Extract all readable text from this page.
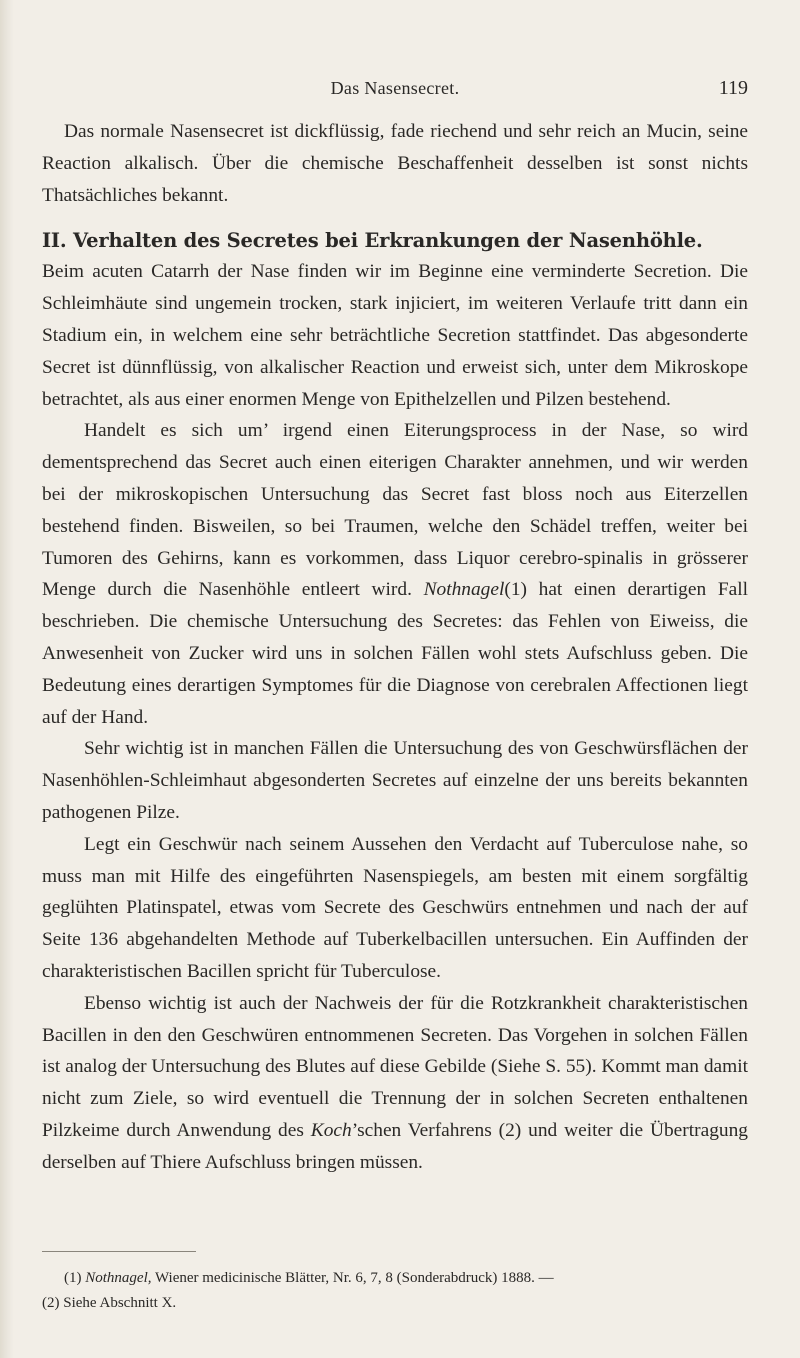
Das Nasensecret.	119

Das normale Nasensecret ist dickflüssig, fade riechend und sehr reich an Mucin, seine Reaction alkalisch. Über die chemische Beschaffenheit desselben ist sonst nichts Thatsächliches bekannt.

II. Verhalten des Secretes bei Erkrankungen der Nasenhöhle.

Beim acuten Catarrh der Nase finden wir im Beginne eine verminderte Secretion. Die Schleimhäute sind ungemein trocken, stark injiciert, im weiteren Verlaufe tritt dann ein Stadium ein, in welchem eine sehr beträchtliche Secretion stattfindet. Das abgesonderte Secret ist dünnflüssig, von alkalischer Reaction und erweist sich, unter dem Mikroskope betrachtet, als aus einer enormen Menge von Epithelzellen und Pilzen bestehend.

Handelt es sich um’ irgend einen Eiterungsprocess in der Nase, so wird dementsprechend das Secret auch einen eiterigen Charakter annehmen, und wir werden bei der mikroskopischen Untersuchung das Secret fast bloss noch aus Eiterzellen bestehend finden. Bisweilen, so bei Traumen, welche den Schädel treffen, weiter bei Tumoren des Gehirns, kann es vorkommen, dass Liquor cerebro-spinalis in grösserer Menge durch die Nasenhöhle entleert wird. Nothnagel(1) hat einen derartigen Fall beschrieben. Die chemische Untersuchung des Secretes: das Fehlen von Eiweiss, die Anwesenheit von Zucker wird uns in solchen Fällen wohl stets Aufschluss geben. Die Bedeutung eines derartigen Symptomes für die Diagnose von cerebralen Affectionen liegt auf der Hand.

Sehr wichtig ist in manchen Fällen die Untersuchung des von Geschwürsflächen der Nasenhöhlen-Schleimhaut abgesonderten Secretes auf einzelne der uns bereits bekannten pathogenen Pilze.

Legt ein Geschwür nach seinem Aussehen den Verdacht auf Tuberculose nahe, so muss man mit Hilfe des eingeführten Nasenspiegels, am besten mit einem sorgfältig geglühten Platinspatel, etwas vom Secrete des Geschwürs entnehmen und nach der auf Seite 136 abgehandelten Methode auf Tuberkelbacillen untersuchen. Ein Auffinden der charakteristischen Bacillen spricht für Tuberculose.

Ebenso wichtig ist auch der Nachweis der für die Rotzkrankheit charakteristischen Bacillen in den den Geschwüren entnommenen Secreten. Das Vorgehen in solchen Fällen ist analog der Untersuchung des Blutes auf diese Gebilde (Siehe S. 55). Kommt man damit nicht zum Ziele, so wird eventuell die Trennung der in solchen Secreten enthaltenen Pilzkeime durch Anwendung des Koch’schen Verfahrens (2) und weiter die Übertragung derselben auf Thiere Aufschluss bringen müssen.

(1) Nothnagel, Wiener medicinische Blätter, Nr. 6, 7, 8 (Sonderabdruck) 1888. —

(2) Siehe Abschnitt X.
